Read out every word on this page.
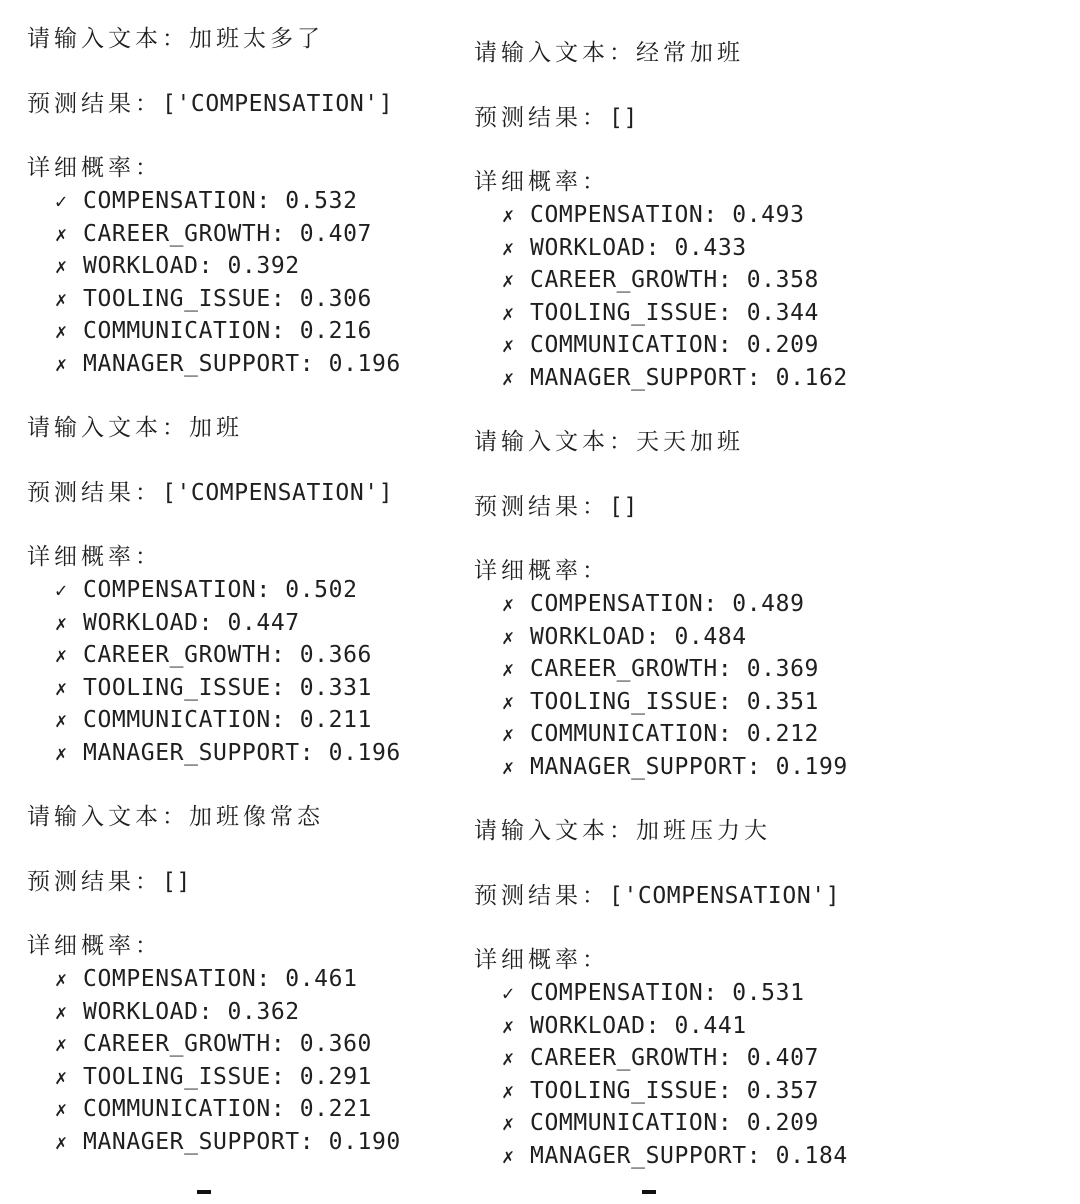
请输入文本：加班太多了
预测结果：['COMPENSATION']
详细概率：
✓ COMPENSATION: 0.532
✗ CAREER_GROWTH: 0.407
✗ WORKLOAD: 0.392
✗ TOOLING_ISSUE: 0.306
✗ COMMUNICATION: 0.216
✗ MANAGER_SUPPORT: 0.196
请输入文本：加班
预测结果：['COMPENSATION']
详细概率：
✓ COMPENSATION: 0.502
✗ WORKLOAD: 0.447
✗ CAREER_GROWTH: 0.366
✗ TOOLING_ISSUE: 0.331
✗ COMMUNICATION: 0.211
✗ MANAGER_SUPPORT: 0.196
请输入文本：加班像常态
预测结果：[]
详细概率：
✗ COMPENSATION: 0.461
✗ WORKLOAD: 0.362
✗ CAREER_GROWTH: 0.360
✗ TOOLING_ISSUE: 0.291
✗ COMMUNICATION: 0.221
✗ MANAGER_SUPPORT: 0.190
请输入文本：经常加班
预测结果：[]
详细概率：
✗ COMPENSATION: 0.493
✗ WORKLOAD: 0.433
✗ CAREER_GROWTH: 0.358
✗ TOOLING_ISSUE: 0.344
✗ COMMUNICATION: 0.209
✗ MANAGER_SUPPORT: 0.162
请输入文本：天天加班
预测结果：[]
详细概率：
✗ COMPENSATION: 0.489
✗ WORKLOAD: 0.484
✗ CAREER_GROWTH: 0.369
✗ TOOLING_ISSUE: 0.351
✗ COMMUNICATION: 0.212
✗ MANAGER_SUPPORT: 0.199
请输入文本：加班压力大
预测结果：['COMPENSATION']
详细概率：
✓ COMPENSATION: 0.531
✗ WORKLOAD: 0.441
✗ CAREER_GROWTH: 0.407
✗ TOOLING_ISSUE: 0.357
✗ COMMUNICATION: 0.209
✗ MANAGER_SUPPORT: 0.184
